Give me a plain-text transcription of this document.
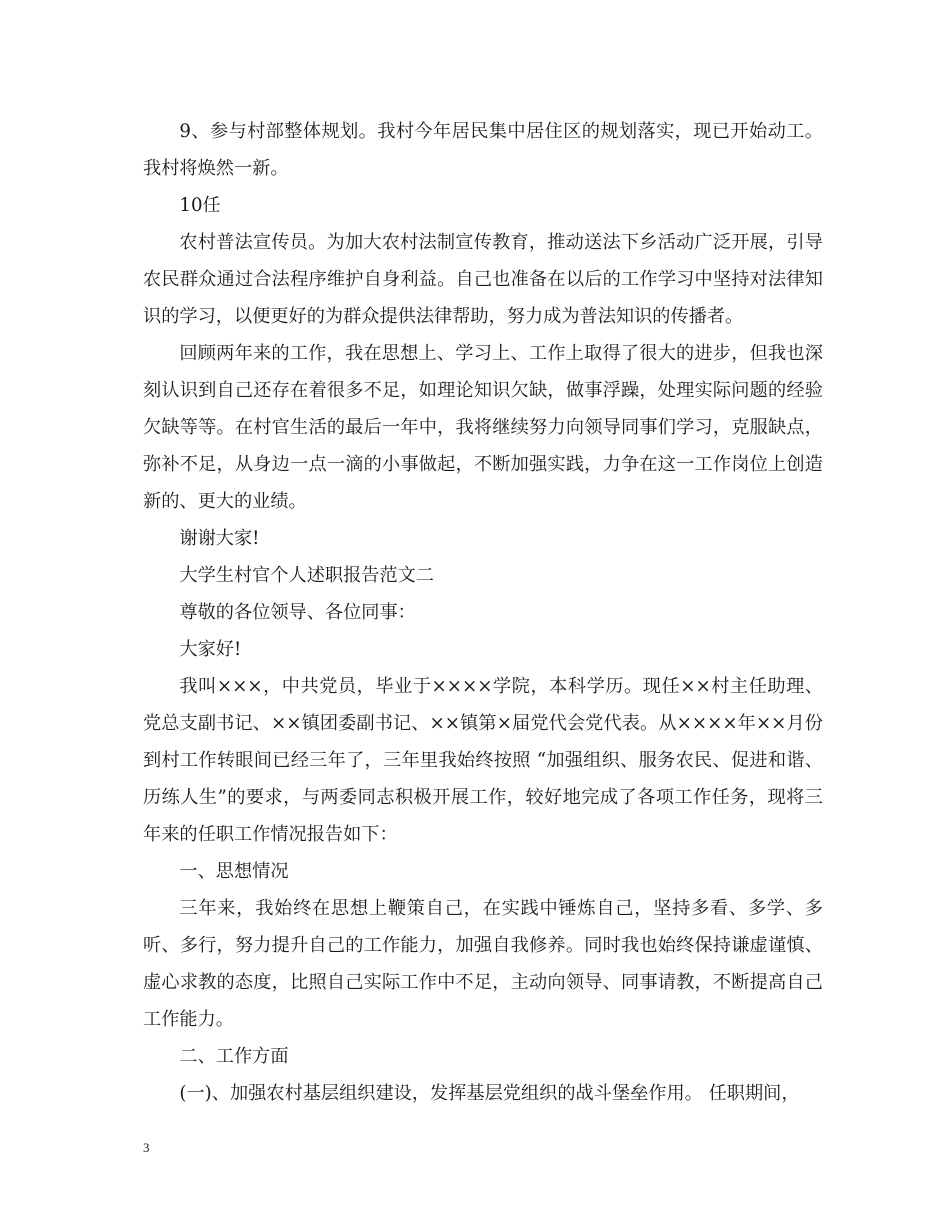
9、参与村部整体规划。我村今年居民集中居住区的规划落实，现已开始动工。我村将焕然一新。

10任

农村普法宣传员。为加大农村法制宣传教育，推动送法下乡活动广泛开展，引导农民群众通过合法程序维护自身利益。自己也准备在以后的工作学习中坚持对法律知识的学习，以便更好的为群众提供法律帮助，努力成为普法知识的传播者。

回顾两年来的工作，我在思想上、学习上、工作上取得了很大的进步，但我也深刻认识到自己还存在着很多不足，如理论知识欠缺，做事浮躁，处理实际问题的经验欠缺等等。在村官生活的最后一年中，我将继续努力向领导同事们学习，克服缺点，弥补不足，从身边一点一滴的小事做起，不断加强实践，力争在这一工作岗位上创造新的、更大的业绩。

谢谢大家!

大学生村官个人述职报告范文二

尊敬的各位领导、各位同事：

大家好!

我叫×××，中共党员，毕业于××××学院，本科学历。现任××村主任助理、党总支副书记、××镇团委副书记、××镇第×届党代会党代表。从××××年××月份到村工作转眼间已经三年了，三年里我始终按照 “加强组织、服务农民、促进和谐、历练人生”的要求，与两委同志积极开展工作，较好地完成了各项工作任务，现将三年来的任职工作情况报告如下：

一、思想情况

三年来，我始终在思想上鞭策自己，在实践中锤炼自己，坚持多看、多学、多听、多行，努力提升自己的工作能力，加强自我修养。同时我也始终保持谦虚谨慎、虚心求教的态度，比照自己实际工作中不足，主动向领导、同事请教，不断提高自己工作能力。

二、工作方面

(一)、加强农村基层组织建设，发挥基层党组织的战斗堡垒作用。 任职期间，

3
